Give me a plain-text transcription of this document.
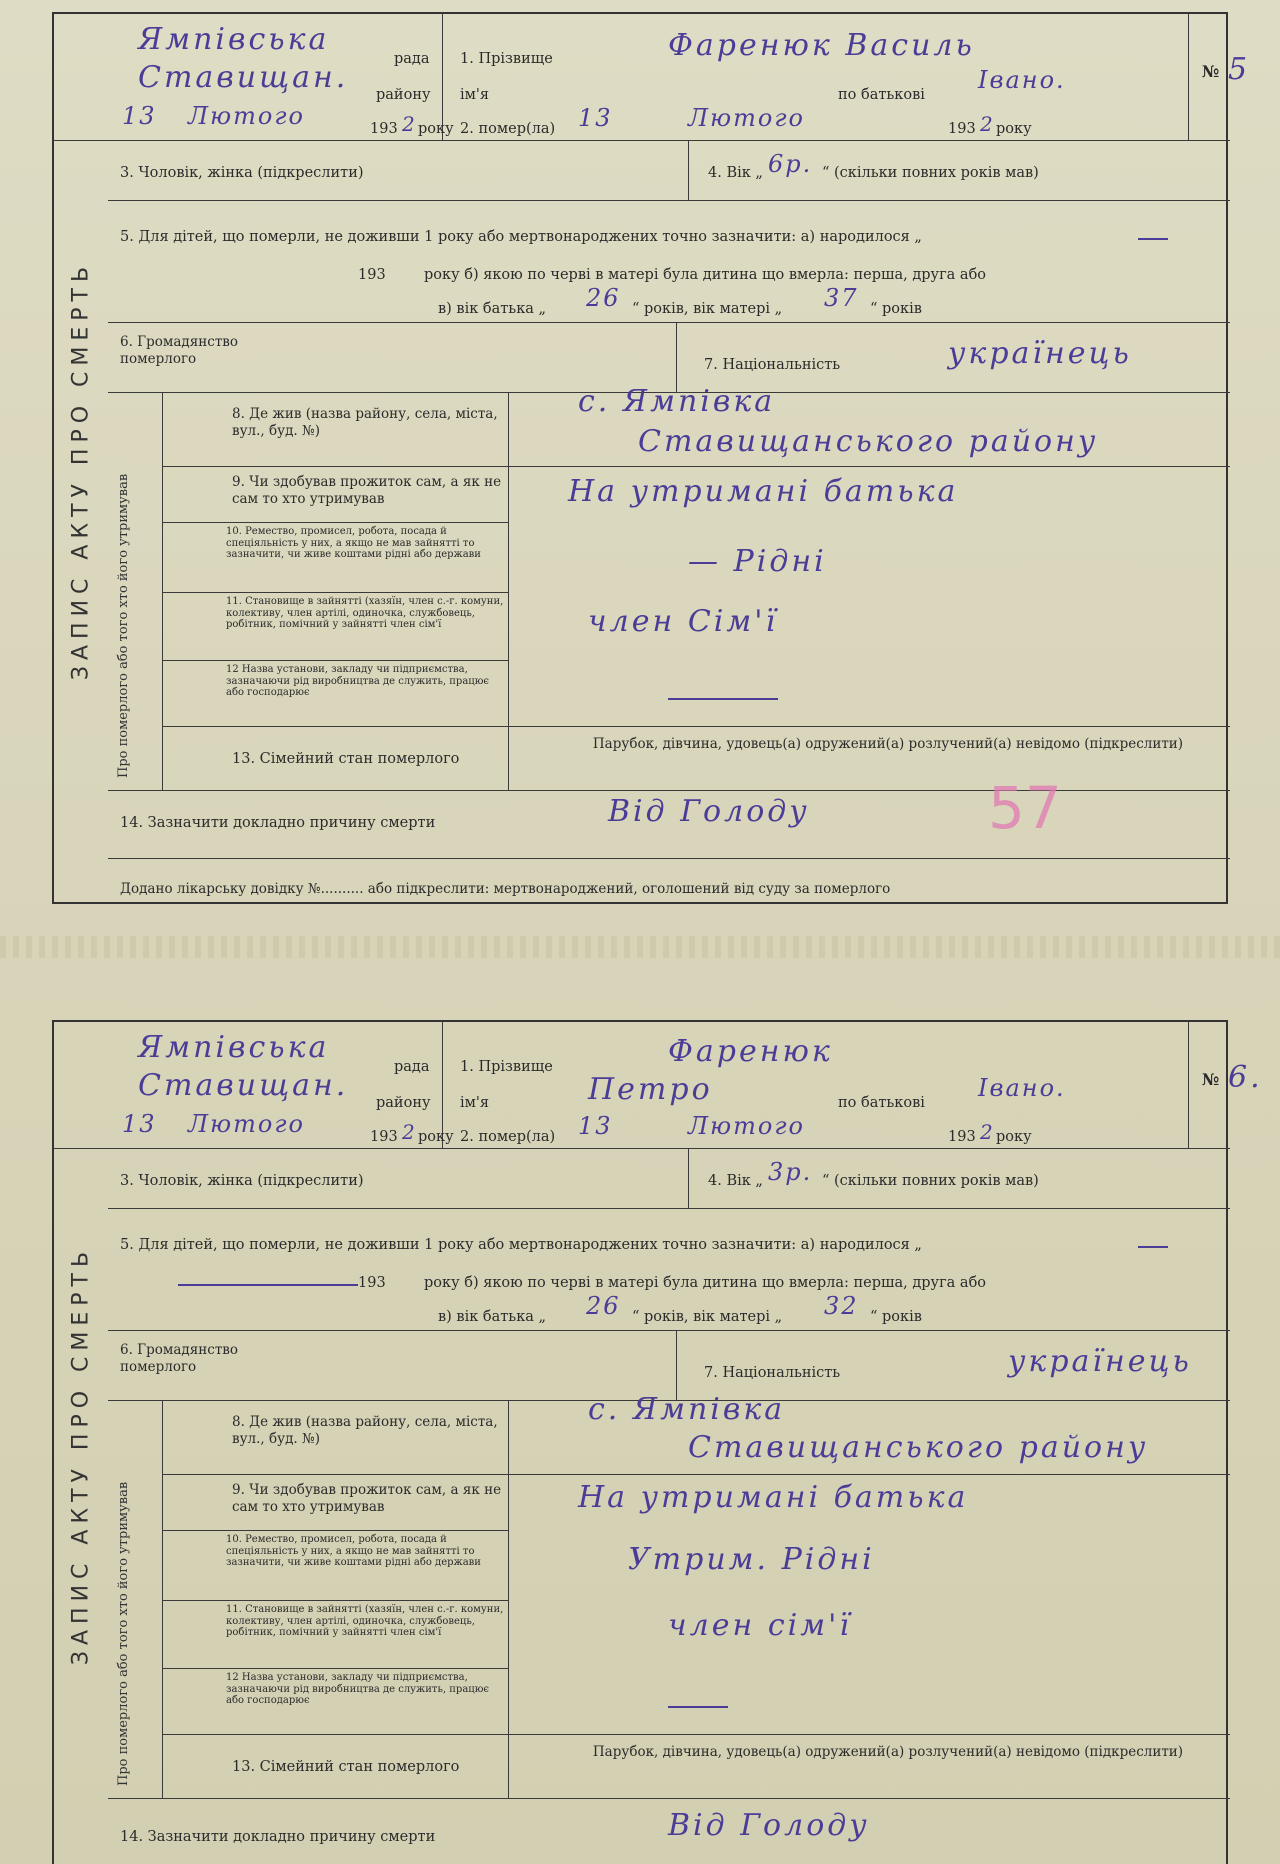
ЗАПИС АКТУ ПРО СМЕРТЬ
Ямпівська
рада
Ставищан. району
13 Лютого	193 2 року
1. Прізвище	Фаренюк Василь
ім'я	по батькові
Івано.
2. помер(ла) 13	Лютого	193 2 року
№ 5
3. Чоловік, жінка (підкреслити)	4. Вік „ 6р. “ (скільки повних років мав)
5. Для дітей, що померли, не доживши 1 року або мертвонароджених точно зазначити: а) народилося „
193	року б) якою по черві в матері була дитина що вмерла: перша, друга або
в) вік батька „ 26 “ років, вік матері „ 37 “ років
6. Громадянство померлого	7. Національність	українець
Про померлого або того хто його утримував
8. Де жив (назва району, села, міста, вул., буд. №)
с. Ямпівка
Ставищанського району
9. Чи здобував прожиток сам, а як не сам то хто утримував	На утримані батька
10. Ремество, промисел, робота, посада й спеціяльність у них, а якщо не мав зайнятті то зазначити, чи живе коштами рідні або держави	— Рідні
11. Становище в зайнятті (хазяїн, член с.-г. комуни, колективу, член артілі, одиночка, службовець, робітник, помічний у зайнятті член сім'ї	член Сім'ї
12 Назва установи, закладу чи підприємства, зазначаючи рід виробництва де служить, працює або господарює
13. Сімейний стан померлого
Парубок, дівчина, удовець(а) одружений(а) розлучений(а) невідомо (підкреслити)
14. Зазначити докладно причину смерти	Від Голоду	57
Додано лікарську довідку №.......... або підкреслити: мертвонароджений, оголошений від суду за померлого
ЗАПИС АКТУ ПРО СМЕРТЬ
Ямпівська
рада
Ставищан. району
13 Лютого	193 2 року
1. Прізвище	Фаренюк
ім'я	Петро	по батькові
Івано.
2. помер(ла) 13	Лютого	193 2 року
№ 6.
3. Чоловік, жінка (підкреслити)	4. Вік „ 3р. “ (скільки повних років мав)
5. Для дітей, що померли, не доживши 1 року або мертвонароджених точно зазначити: а) народилося „
193	року б) якою по черві в матері була дитина що вмерла: перша, друга або
в) вік батька „ 26 “ років, вік матері „ 32 “ років
6. Громадянство померлого	7. Національність	українець
Про померлого або того хто його утримував
8. Де жив (назва району, села, міста, вул., буд. №)
с. Ямпівка
Ставищанського району
9. Чи здобував прожиток сам, а як не сам то хто утримував	На утримані батька
10. Ремество, промисел, робота, посада й спеціяльність у них, а якщо не мав зайнятті то зазначити, чи живе коштами рідні або держави	Утрим. Рідні
11. Становище в зайнятті (хазяїн, член с.-г. комуни, колективу, член артілі, одиночка, службовець, робітник, помічний у зайнятті член сім'ї	член сім'ї
12 Назва установи, закладу чи підприємства, зазначаючи рід виробництва де служить, працює або господарює
13. Сімейний стан померлого
Парубок, дівчина, удовець(а) одружений(а) розлучений(а) невідомо (підкреслити)
14. Зазначити докладно причину смерти	Від Голоду
